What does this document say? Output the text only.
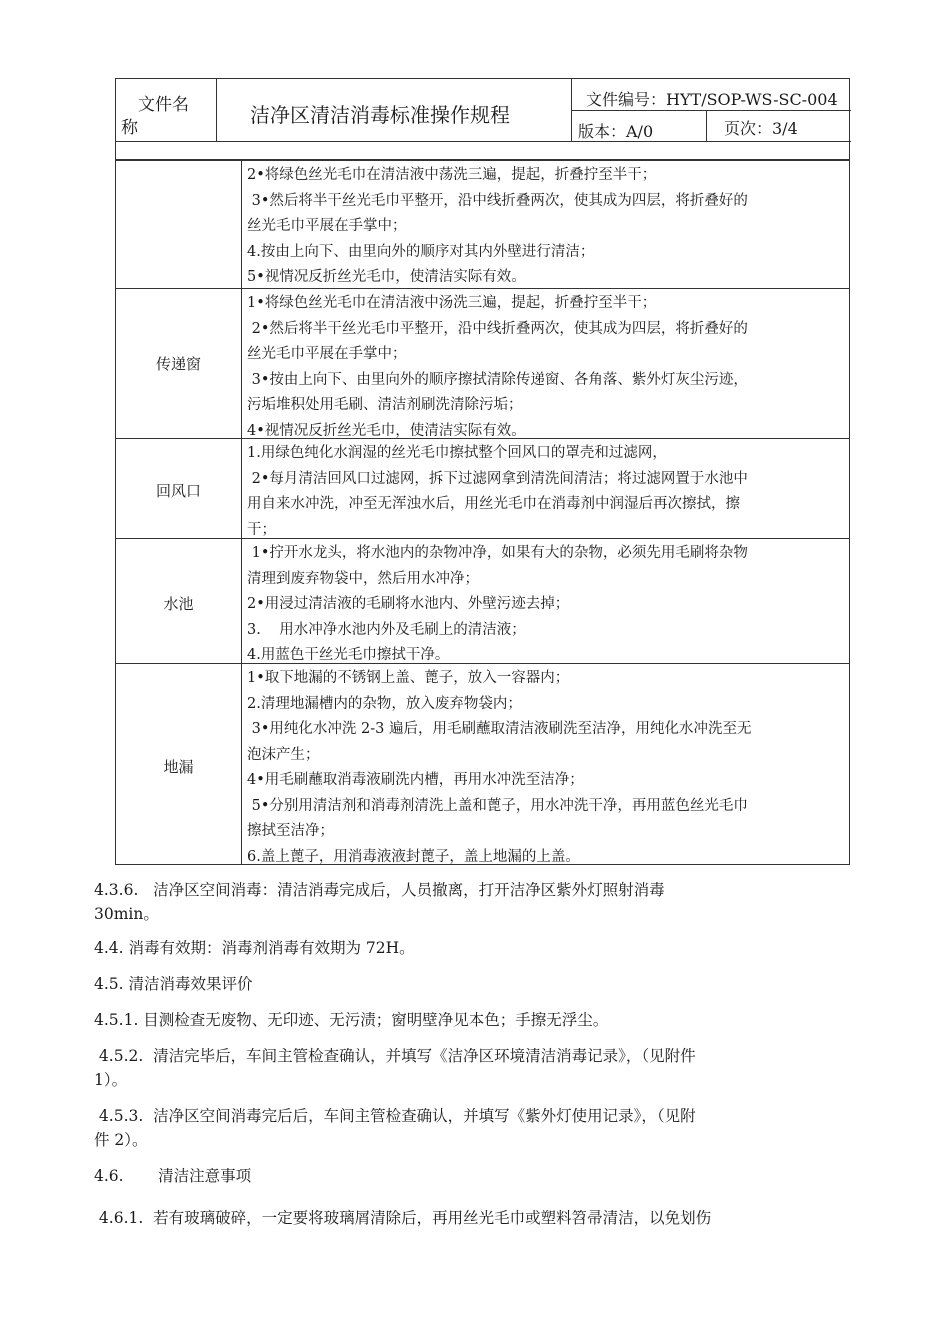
文件名
称
洁净区清洁消毒标准操作规程
文件编号：HYT/SOP-WS-SC-004
版本：A/0	页次：3/4
2•将绿色丝光毛巾在清洁液中荡洗三遍，提起，折叠拧至半干；
3•然后将半干丝光毛巾平整开，沿中线折叠两次，使其成为四层，将折叠好的
丝光毛巾平展在手掌中；
4.按由上向下、由里向外的顺序对其内外壁进行清洁；
5•视情况反折丝光毛巾，使清洁实际有效。
传递窗
1•将绿色丝光毛巾在清洁液中汤洗三遍，提起，折叠拧至半干；
2•然后将半干丝光毛巾平整开，沿中线折叠两次，使其成为四层，将折叠好的
丝光毛巾平展在手掌中；
3•按由上向下、由里向外的顺序擦拭清除传递窗、各角落、紫外灯灰尘污迹，
污垢堆积处用毛刷、清洁剂刷洗清除污垢；
4•视情况反折丝光毛巾，使清洁实际有效。
回风口
1.用绿色纯化水润湿的丝光毛巾擦拭整个回风口的罩壳和过滤网，
2•每月清洁回风口过滤网，拆下过滤网拿到清洗间清洁；将过滤网置于水池中
用自来水冲洗，冲至无浑浊水后，用丝光毛巾在消毒剂中润湿后再次擦拭，擦
干；
水池
1•拧开水龙头，将水池内的杂物冲净，如果有大的杂物，必须先用毛刷将杂物
清理到废弃物袋中，然后用水冲净；
2•用浸过清洁液的毛刷将水池内、外壁污迹去掉；
3.    用水冲净水池内外及毛刷上的清洁液；
4.用蓝色干丝光毛巾擦拭干净。
地漏
1•取下地漏的不锈钢上盖、蓖子，放入一容器内；
2.清理地漏槽内的杂物，放入废弃物袋内；
3•用纯化水冲洗 2-3 遍后，用毛刷蘸取清洁液刷洗至洁净，用纯化水冲洗至无
泡沫产生；
4•用毛刷蘸取消毒液刷洗内槽，再用水冲洗至洁净；
5•分别用清洁剂和消毒剂清洗上盖和蓖子，用水冲洗干净，再用蓝色丝光毛巾
擦拭至洁净；
6.盖上蓖子，用消毒液液封蓖子，盖上地漏的上盖。
4.3.6.   洁净区空间消毒：清洁消毒完成后，人员撤离，打开洁净区紫外灯照射消毒
30min。
4.4. 消毒有效期：消毒剂消毒有效期为 72H。
4.5. 清洁消毒效果评价
4.5.1. 目测检查无废物、无印迹、无污渍；窗明壁净见本色；手擦无浮尘。
4.5.2.  清洁完毕后，车间主管检查确认，并填写《洁净区环境清洁消毒记录》，（见附件
1）。
4.5.3.  洁净区空间消毒完后后，车间主管检查确认，并填写《紫外灯使用记录》，（见附
件 2）。
4.6.       清洁注意事项
4.6.1.  若有玻璃破碎，一定要将玻璃屑清除后，再用丝光毛巾或塑料笤帚清洁，以免划伤
